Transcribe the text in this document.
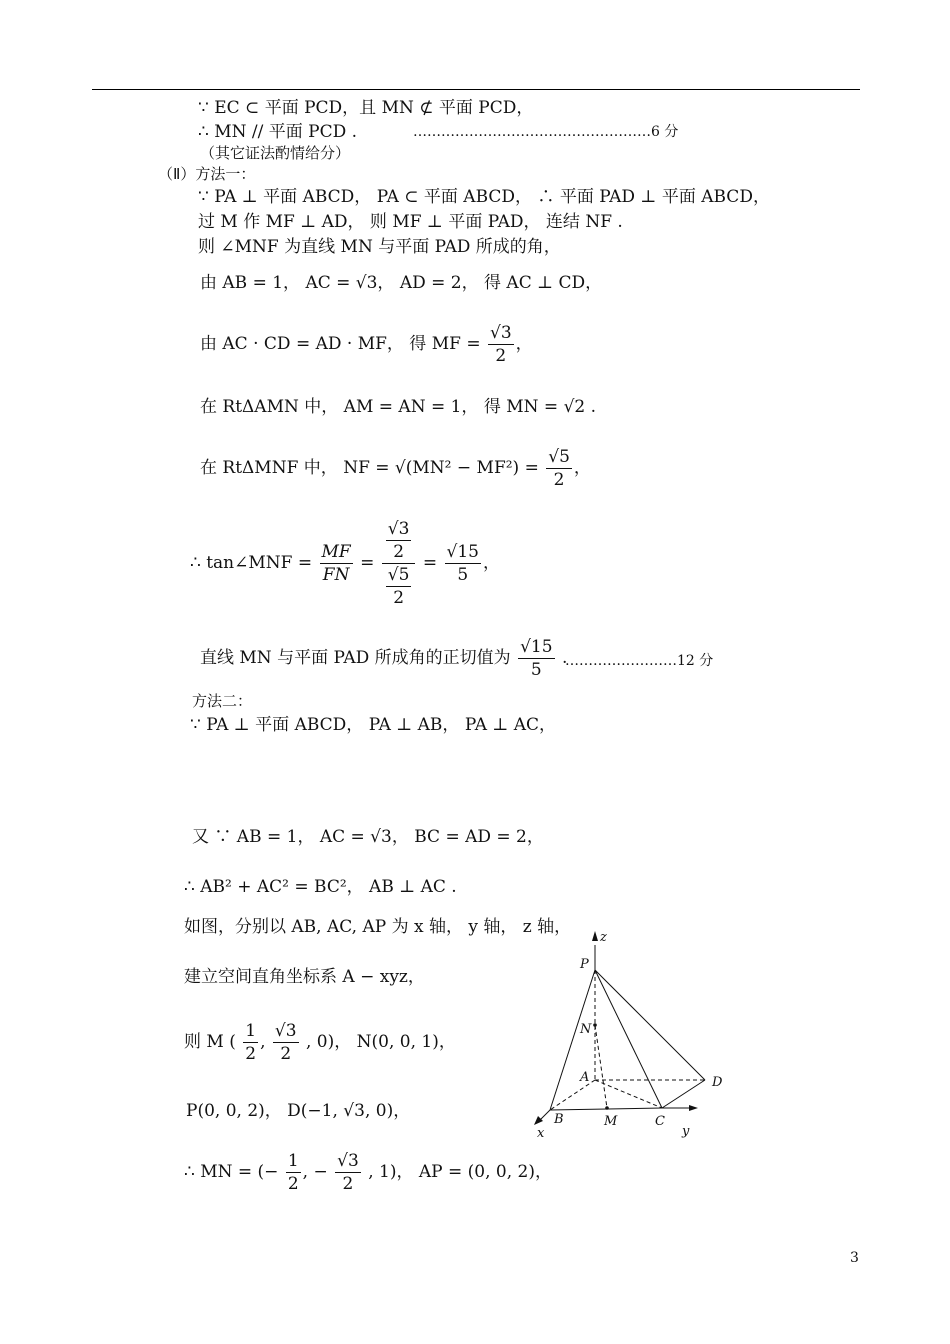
∵ EC ⊂ 平面 PCD，且 MN ⊄ 平面 PCD，
∴ MN // 平面 PCD .	……………………………………………6 分
（其它证法酌情给分）
（Ⅱ）方法一：
∵ PA ⊥ 平面 ABCD， PA ⊂ 平面 ABCD， ∴ 平面 PAD ⊥ 平面 ABCD，
过 M 作 MF ⊥ AD， 则 MF ⊥ 平面 PAD， 连结 NF .
则 ∠MNF 为直线 MN 与平面 PAD 所成的角，
由 AB = 1， AC = √3， AD = 2， 得 AC ⊥ CD，
由 AC · CD = AD · MF， 得 MF = $\frac{√3}{2}$ ，
在 RtΔAMN 中， AM = AN = 1， 得 MN = √2 .
在 RtΔMNF 中， NF = $√(MN^2 - MF^2) = \frac{√5}{2}$ ，
∴ tan∠MNF = $\frac{MF}{FN} = \frac{\frac{√3}{2}}{\frac{√5}{2}} = \frac{√15}{5}$ ，
直线 MN 与平面 PAD 所成角的正切值为 $\frac{√15}{5}$ .
……………………12 分
方法二：
∵ PA ⊥ 平面 ABCD， PA ⊥ AB， PA ⊥ AC，
又 ∵ AB = 1， AC = √3， BC = AD = 2，
∴ AB² + AC² = BC²， AB ⊥ AC .
如图，分别以 AB, AC, AP 为 x 轴， y 轴， z 轴，
建立空间直角坐标系 A − xyz，
则 M ( $\frac{1}{2}$ , $\frac{√3}{2}$ , 0)， N(0, 0, 1)，
P(0, 0, 2)， D(−1, √3, 0)，
∴ MN = (− $\frac{1}{2}$ , − $\frac{√3}{2}$ , 1)， AP = (0, 0, 2)，
z
P
N
A	D
B	M	C
x	y
3
